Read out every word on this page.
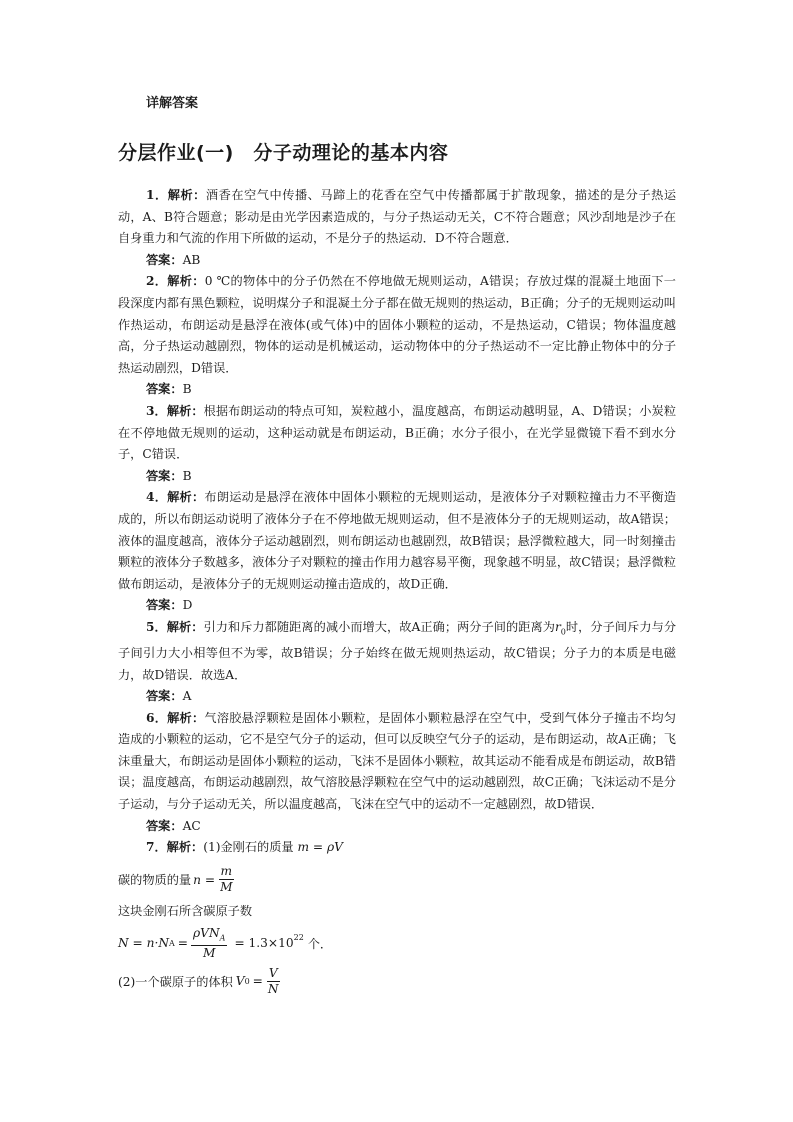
详解答案
分层作业(一)　分子动理论的基本内容

1．解析：酒香在空气中传播、马蹄上的花香在空气中传播都属于扩散现象，描述的是分子热运动，A、B符合题意；影动是由光学因素造成的，与分子热运动无关，C不符合题意；风沙刮地是沙子在自身重力和气流的作用下所做的运动，不是分子的热运动．D不符合题意．

答案：AB

2．解析：0 ℃的物体中的分子仍然在不停地做无规则运动，A错误；存放过煤的混凝土地面下一段深度内都有黑色颗粒，说明煤分子和混凝土分子都在做无规则的热运动，B正确；分子的无规则运动叫作热运动，布朗运动是悬浮在液体(或气体)中的固体小颗粒的运动，不是热运动，C错误；物体温度越高，分子热运动越剧烈，物体的运动是机械运动，运动物体中的分子热运动不一定比静止物体中的分子热运动剧烈，D错误．

答案：B

3．解析：根据布朗运动的特点可知，炭粒越小，温度越高，布朗运动越明显，A、D错误；小炭粒在不停地做无规则的运动，这种运动就是布朗运动，B正确；水分子很小，在光学显微镜下看不到水分子，C错误．

答案：B

4．解析：布朗运动是悬浮在液体中固体小颗粒的无规则运动，是液体分子对颗粒撞击力不平衡造成的，所以布朗运动说明了液体分子在不停地做无规则运动，但不是液体分子的无规则运动，故A错误；液体的温度越高，液体分子运动越剧烈，则布朗运动也越剧烈，故B错误；悬浮微粒越大，同一时刻撞击颗粒的液体分子数越多，液体分子对颗粒的撞击作用力越容易平衡，现象越不明显，故C错误；悬浮微粒做布朗运动，是液体分子的无规则运动撞击造成的，故D正确．

答案：D

5．解析：引力和斥力都随距离的减小而增大，故A正确；两分子间的距离为$r_0$时，分子间斥力与分子间引力大小相等但不为零，故B错误；分子始终在做无规则热运动，故C错误；分子力的本质是电磁力，故D错误．故选A．

答案：A

6．解析：气溶胶悬浮颗粒是固体小颗粒，是固体小颗粒悬浮在空气中，受到气体分子撞击不均匀造成的小颗粒的运动，它不是空气分子的运动，但可以反映空气分子的运动，是布朗运动，故A正确；飞沫重量大，布朗运动是固体小颗粒的运动，飞沫不是固体小颗粒，故其运动不能看成是布朗运动，故B错误；温度越高，布朗运动越剧烈，故气溶胶悬浮颗粒在空气中的运动越剧烈，故C正确；飞沫运动不是分子运动，与分子运动无关，所以温度越高，飞沫在空气中的运动不一定越剧烈，故D错误．

答案：AC

7．解析：(1)金刚石的质量 m = ρV

碳的物质的量 $n = \frac{m}{M}$

这块金刚石所含碳原子数

N = n·N $A = \frac{\rho VN_A}{M} = 1.3\times 10^{22}$ 个．
(2)一个碳原子的体积 V $0 = \frac{V}{N}$
